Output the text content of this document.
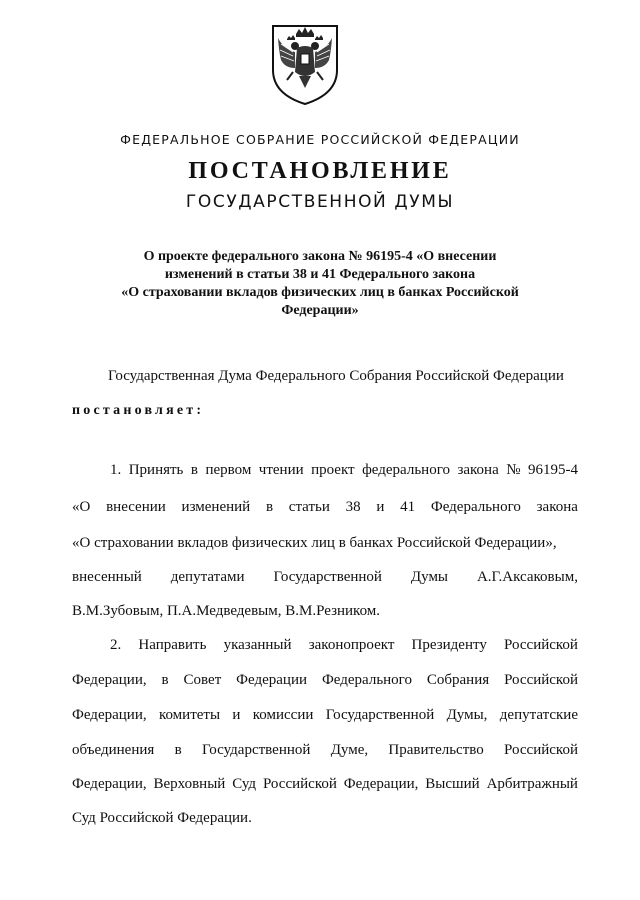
ФЕДЕРАЛЬНОЕ СОБРАНИЕ РОССИЙСКОЙ ФЕДЕРАЦИИ
ПОСТАНОВЛЕНИЕ
ГОСУДАРСТВЕННОЙ ДУМЫ
О проекте федерального закона № 96195-4 «О внесении
изменений в статьи 38 и 41 Федерального закона
«О страховании вкладов физических лиц в банках Российской
Федерации»
Государственная Дума Федерального Собрания Российской Федерации
постановляет:
1. Принять в первом чтении проект федерального закона № 96195-4
«О внесении изменений в статьи 38 и 41 Федерального закона
«О страховании вкладов физических лиц в банках Российской Федерации»,
внесенный депутатами Государственной Думы А.Г.Аксаковым,
В.М.Зубовым, П.А.Медведевым, В.М.Резником.
2. Направить указанный законопроект Президенту Российской
Федерации, в Совет Федерации Федерального Собрания Российской
Федерации, комитеты и комиссии Государственной Думы, депутатские
объединения в Государственной Думе, Правительство Российской
Федерации, Верховный Суд Российской Федерации, Высший Арбитражный
Суд Российской Федерации.
